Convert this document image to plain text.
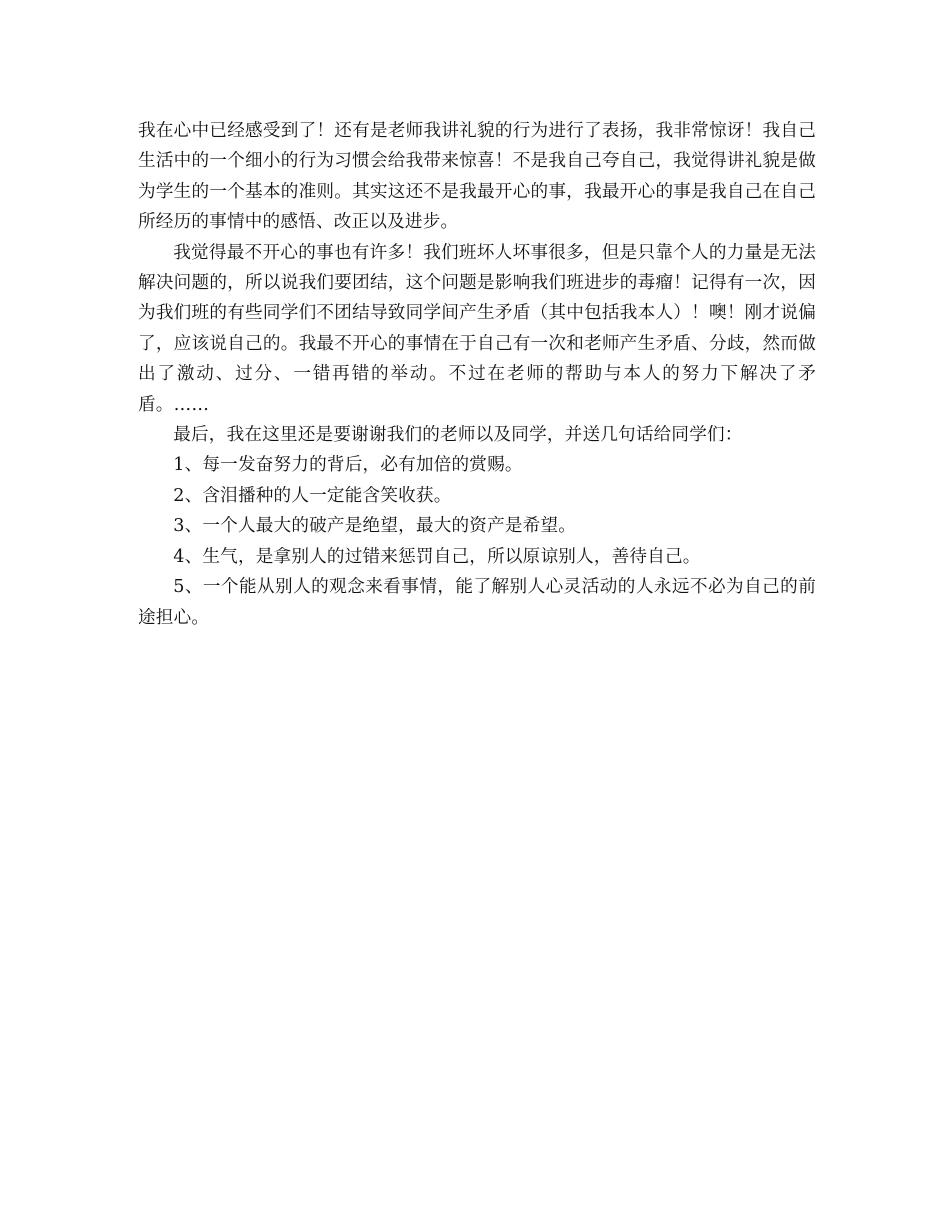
我在心中已经感受到了！还有是老师我讲礼貌的行为进行了表扬，我非常惊讶！我自己生活中的一个细小的行为习惯会给我带来惊喜！不是我自己夸自己，我觉得讲礼貌是做为学生的一个基本的准则。其实这还不是我最开心的事，我最开心的事是我自己在自己所经历的事情中的感悟、改正以及进步。

我觉得最不开心的事也有许多！我们班坏人坏事很多，但是只靠个人的力量是无法解决问题的，所以说我们要团结，这个问题是影响我们班进步的毒瘤！记得有一次，因为我们班的有些同学们不团结导致同学间产生矛盾（其中包括我本人）！噢！刚才说偏了，应该说自己的。我最不开心的事情在于自己有一次和老师产生矛盾、分歧，然而做出了激动、过分、一错再错的举动。不过在老师的帮助与本人的努力下解决了矛盾。……

最后，我在这里还是要谢谢我们的老师以及同学，并送几句话给同学们：

1、每一发奋努力的背后，必有加倍的赏赐。

2、含泪播种的人一定能含笑收获。

3、一个人最大的破产是绝望，最大的资产是希望。

4、生气，是拿别人的过错来惩罚自己，所以原谅别人，善待自己。

5、一个能从别人的观念来看事情，能了解别人心灵活动的人永远不必为自己的前途担心。
